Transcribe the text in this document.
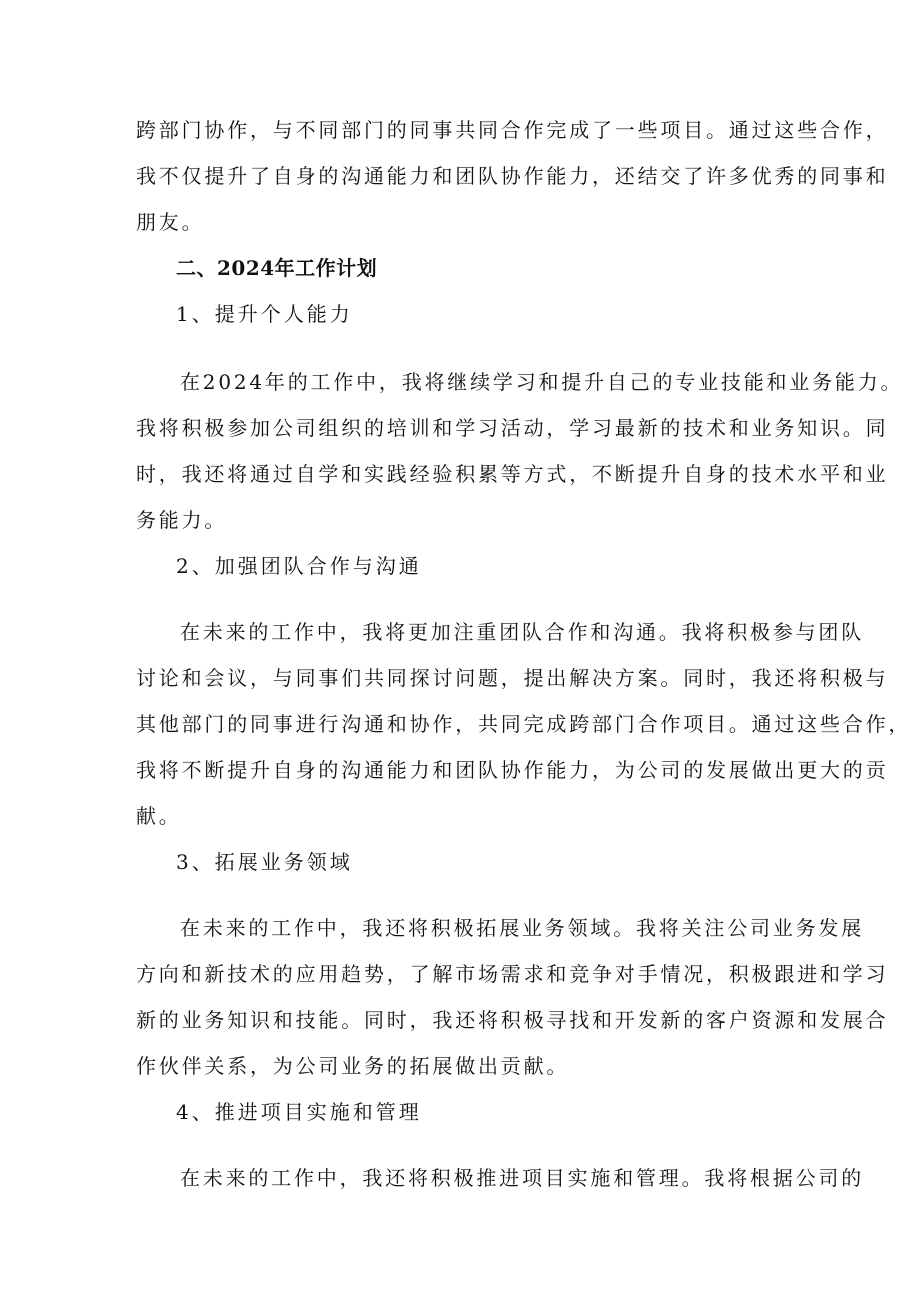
跨部门协作，与不同部门的同事共同合作完成了一些项目。通过这些合作，
我不仅提升了自身的沟通能力和团队协作能力，还结交了许多优秀的同事和
朋友。
二、2024年工作计划
1、提升个人能力
在2024年的工作中，我将继续学习和提升自己的专业技能和业务能力。
我将积极参加公司组织的培训和学习活动，学习最新的技术和业务知识。同
时，我还将通过自学和实践经验积累等方式，不断提升自身的技术水平和业
务能力。
2、加强团队合作与沟通
在未来的工作中，我将更加注重团队合作和沟通。我将积极参与团队
讨论和会议，与同事们共同探讨问题，提出解决方案。同时，我还将积极与
其他部门的同事进行沟通和协作，共同完成跨部门合作项目。通过这些合作，
我将不断提升自身的沟通能力和团队协作能力，为公司的发展做出更大的贡
献。
3、拓展业务领域
在未来的工作中，我还将积极拓展业务领域。我将关注公司业务发展
方向和新技术的应用趋势，了解市场需求和竞争对手情况，积极跟进和学习
新的业务知识和技能。同时，我还将积极寻找和开发新的客户资源和发展合
作伙伴关系，为公司业务的拓展做出贡献。
4、推进项目实施和管理
在未来的工作中，我还将积极推进项目实施和管理。我将根据公司的
